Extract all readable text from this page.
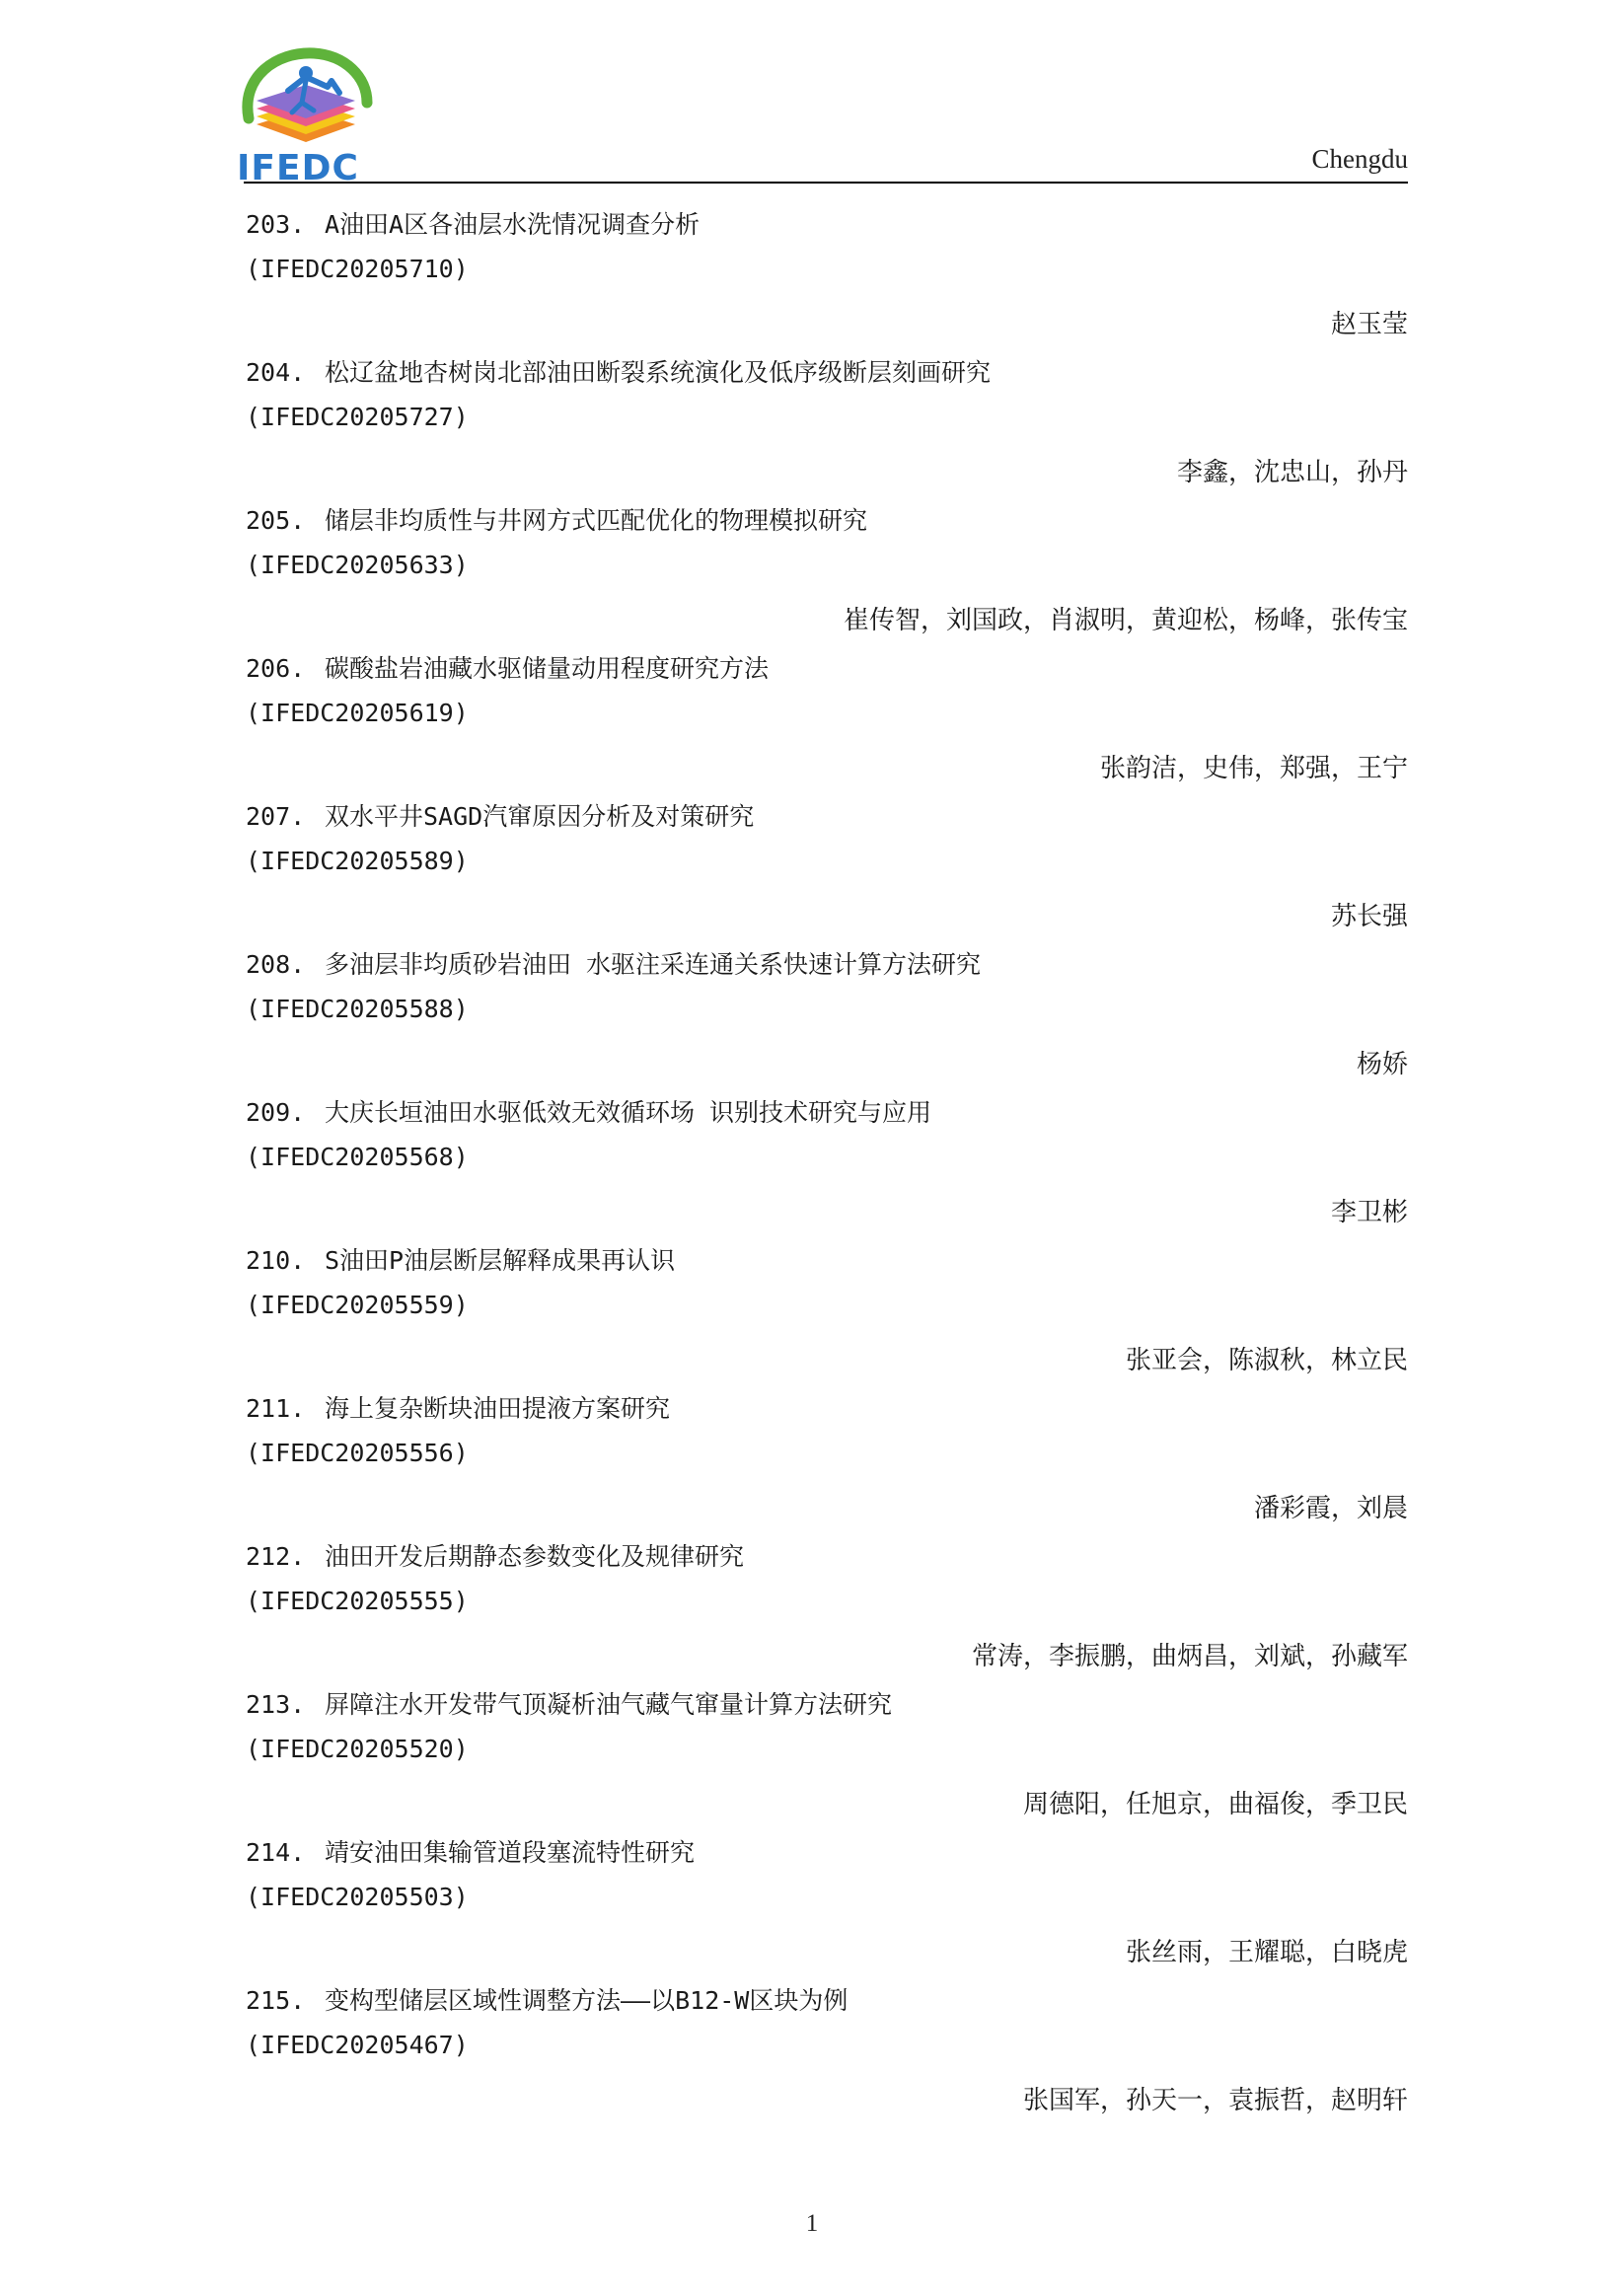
IFEDC	Chengdu
203. A油田A区各油层水洗情况调查分析
(IFEDC20205710)
赵玉莹
204. 松辽盆地杏树岗北部油田断裂系统演化及低序级断层刻画研究
(IFEDC20205727)
李鑫，沈忠山，孙丹
205. 储层非均质性与井网方式匹配优化的物理模拟研究
(IFEDC20205633)
崔传智，刘国政，肖淑明，黄迎松，杨峰，张传宝
206. 碳酸盐岩油藏水驱储量动用程度研究方法
(IFEDC20205619)
张韵洁，史伟，郑强，王宁
207. 双水平井SAGD汽窜原因分析及对策研究
(IFEDC20205589)
苏长强
208. 多油层非均质砂岩油田 水驱注采连通关系快速计算方法研究
(IFEDC20205588)
杨娇
209. 大庆长垣油田水驱低效无效循环场 识别技术研究与应用
(IFEDC20205568)
李卫彬
210. S油田P油层断层解释成果再认识
(IFEDC20205559)
张亚会，陈淑秋，林立民
211. 海上复杂断块油田提液方案研究
(IFEDC20205556)
潘彩霞，刘晨
212. 油田开发后期静态参数变化及规律研究
(IFEDC20205555)
常涛，李振鹏，曲炳昌，刘斌，孙藏军
213. 屏障注水开发带气顶凝析油气藏气窜量计算方法研究
(IFEDC20205520)
周德阳，任旭京，曲福俊，季卫民
214. 靖安油田集输管道段塞流特性研究
(IFEDC20205503)
张丝雨，王耀聪，白晓虎
215. 变构型储层区域性调整方法——以B12-W区块为例
(IFEDC20205467)
张国军，孙天一，袁振哲，赵明轩
1
